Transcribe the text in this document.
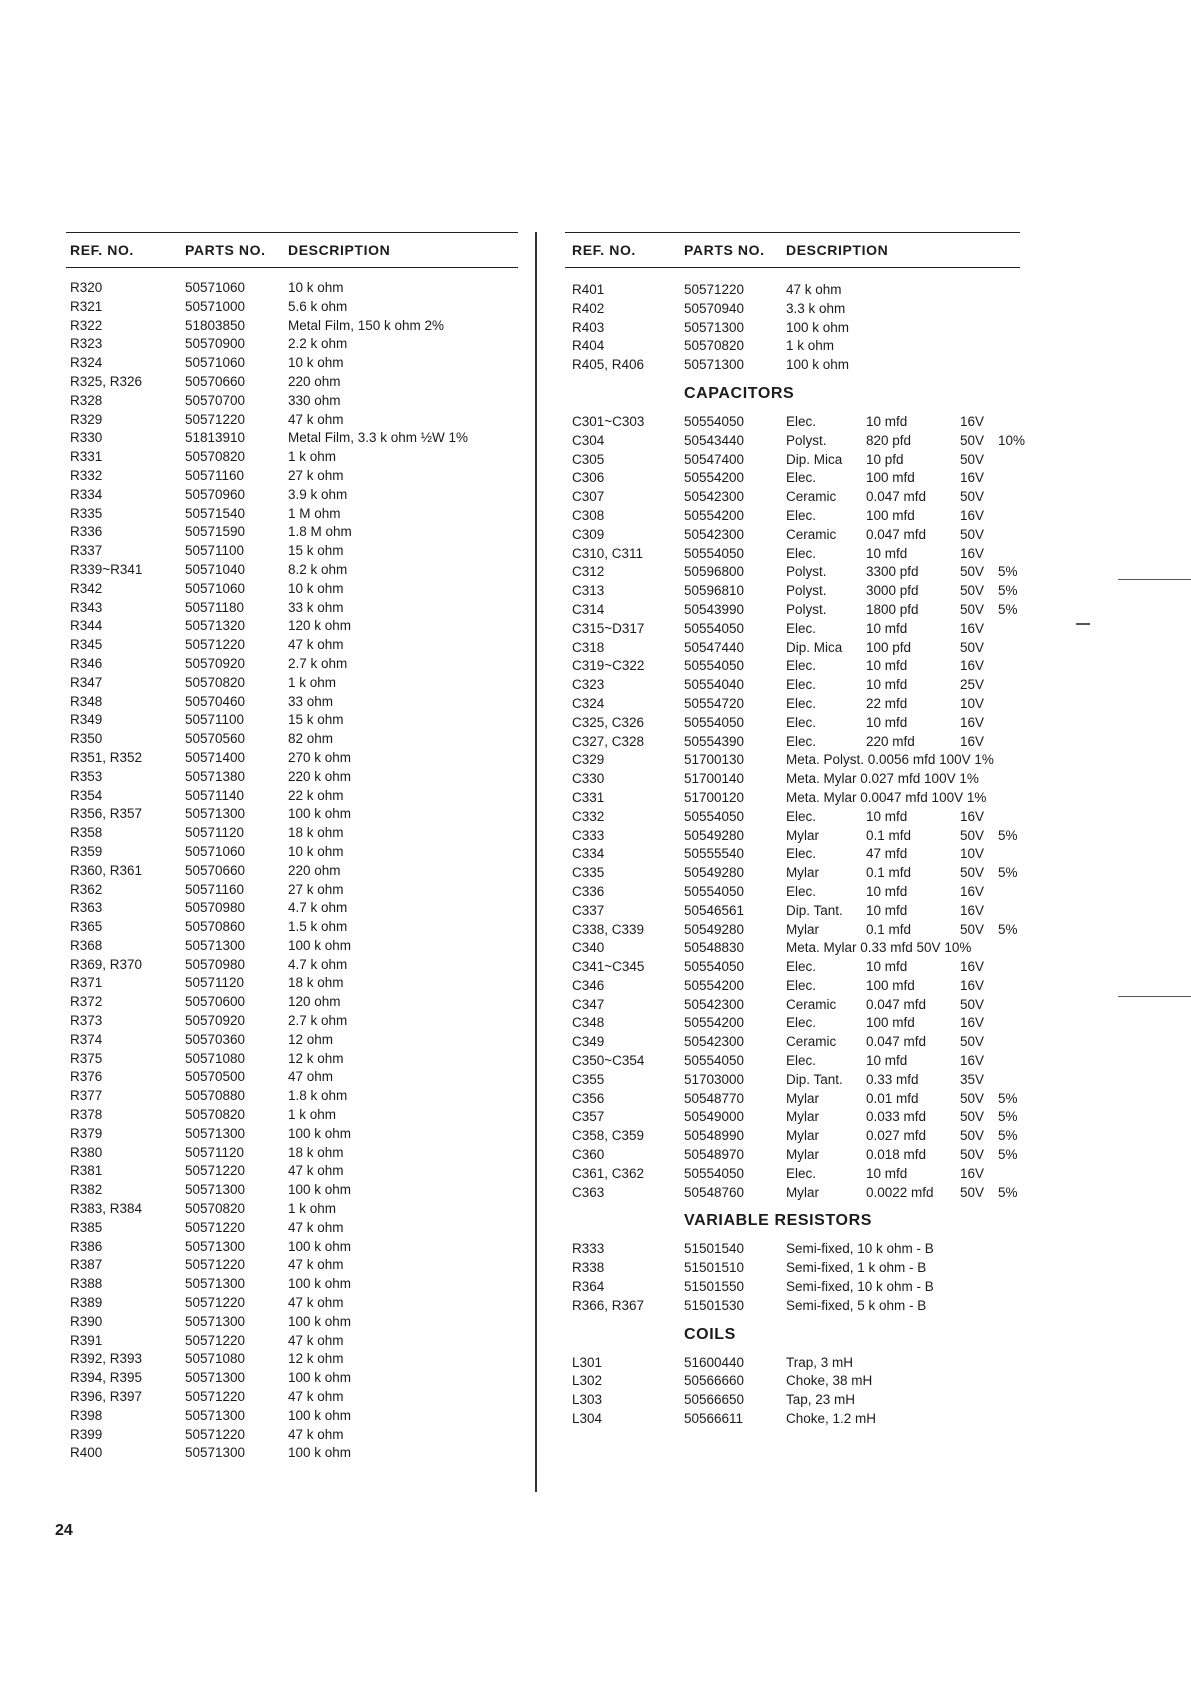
REF. NO.	PARTS NO. DESCRIPTION
R320	50571060	10 k ohm
R321	50571000	5.6 k ohm
R322	51803850	Metal Film, 150 k ohm 2%
R323	50570900	2.2 k ohm
R324	50571060	10 k ohm
R325, R326	50570660	220 ohm
R328	50570700	330 ohm
R329	50571220	47 k ohm
R330	51813910	Metal Film, 3.3 k ohm ½W 1%
R331	50570820	1 k ohm
R332	50571160	27 k ohm
R334	50570960	3.9 k ohm
R335	50571540	1 M ohm
R336	50571590	1.8 M ohm
R337	50571100	15 k ohm
R339~R341	50571040	8.2 k ohm
R342	50571060	10 k ohm
R343	50571180	33 k ohm
R344	50571320	120 k ohm
R345	50571220	47 k ohm
R346	50570920	2.7 k ohm
R347	50570820	1 k ohm
R348	50570460	33 ohm
R349	50571100	15 k ohm
R350	50570560	82 ohm
R351, R352	50571400	270 k ohm
R353	50571380	220 k ohm
R354	50571140	22 k ohm
R356, R357	50571300	100 k ohm
R358	50571120	18 k ohm
R359	50571060	10 k ohm
R360, R361	50570660	220 ohm
R362	50571160	27 k ohm
R363	50570980	4.7 k ohm
R365	50570860	1.5 k ohm
R368	50571300	100 k ohm
R369, R370	50570980	4.7 k ohm
R371	50571120	18 k ohm
R372	50570600	120 ohm
R373	50570920	2.7 k ohm
R374	50570360	12 ohm
R375	50571080	12 k ohm
R376	50570500	47 ohm
R377	50570880	1.8 k ohm
R378	50570820	1 k ohm
R379	50571300	100 k ohm
R380	50571120	18 k ohm
R381	50571220	47 k ohm
R382	50571300	100 k ohm
R383, R384	50570820	1 k ohm
R385	50571220	47 k ohm
R386	50571300	100 k ohm
R387	50571220	47 k ohm
R388	50571300	100 k ohm
R389	50571220	47 k ohm
R390	50571300	100 k ohm
R391	50571220	47 k ohm
R392, R393	50571080	12 k ohm
R394, R395	50571300	100 k ohm
R396, R397	50571220	47 k ohm
R398	50571300	100 k ohm
R399	50571220	47 k ohm
R400	50571300	100 k ohm
REF. NO.	PARTS NO. DESCRIPTION
R401	50571220	47 k ohm
R402	50570940	3.3 k ohm
R403	50571300	100 k ohm
R404	50570820	1 k ohm
R405, R406	50571300	100 k ohm
CAPACITORS
C301~C303	50554050	Elec.	10 mfd	16V
C304	50543440	Polyst.	820 pfd	50V 10%
C305	50547400	Dip. Mica 10 pfd	50V
C306	50554200	Elec.	100 mfd	16V
C307	50542300	Ceramic 0.047 mfd	50V
C308	50554200	Elec.	100 mfd	16V
C309	50542300	Ceramic 0.047 mfd	50V
C310, C311	50554050	Elec.	10 mfd	16V
C312	50596800	Polyst.	3300 pfd	50V 5%
C313	50596810	Polyst.	3000 pfd	50V 5%
C314	50543990	Polyst.	1800 pfd	50V 5%
C315~D317	50554050	Elec.	10 mfd	16V
C318	50547440	Dip. Mica 100 pfd	50V
C319~C322	50554050	Elec.	10 mfd	16V
C323	50554040	Elec.	10 mfd	25V
C324	50554720	Elec.	22 mfd	10V
C325, C326	50554050	Elec.	10 mfd	16V
C327, C328	50554390	Elec.	220 mfd	16V
C329	51700130	Meta. Polyst. 0.0056 mfd 100V 1%
C330	51700140	Meta. Mylar 0.027 mfd 100V 1%
C331	51700120	Meta. Mylar 0.0047 mfd 100V 1%
C332	50554050	Elec.	10 mfd	16V
C333	50549280	Mylar	0.1 mfd	50V 5%
C334	50555540	Elec.	47 mfd	10V
C335	50549280	Mylar	0.1 mfd	50V 5%
C336	50554050	Elec.	10 mfd	16V
C337	50546561	Dip. Tant. 10 mfd	16V
C338, C339	50549280	Mylar	0.1 mfd	50V 5%
C340	50548830	Meta. Mylar 0.33 mfd 50V 10%
C341~C345	50554050	Elec.	10 mfd	16V
C346	50554200	Elec.	100 mfd	16V
C347	50542300	Ceramic 0.047 mfd	50V
C348	50554200	Elec.	100 mfd	16V
C349	50542300	Ceramic 0.047 mfd	50V
C350~C354	50554050	Elec.	10 mfd	16V
C355	51703000	Dip. Tant. 0.33 mfd	35V
C356	50548770	Mylar	0.01 mfd	50V 5%
C357	50549000	Mylar	0.033 mfd	50V 5%
C358, C359	50548990	Mylar	0.027 mfd	50V 5%
C360	50548970	Mylar	0.018 mfd	50V 5%
C361, C362	50554050	Elec.	10 mfd	16V
C363	50548760	Mylar	0.0022 mfd 50V 5%
VARIABLE RESISTORS
R333	51501540	Semi-fixed, 10 k ohm - B
R338	51501510	Semi-fixed, 1 k ohm - B
R364	51501550	Semi-fixed, 10 k ohm - B
R366, R367	51501530	Semi-fixed, 5 k ohm - B
COILS
L301	51600440	Trap, 3 mH
L302	50566660	Choke, 38 mH
L303	50566650	Tap, 23 mH
L304	50566611	Choke, 1.2 mH
24
